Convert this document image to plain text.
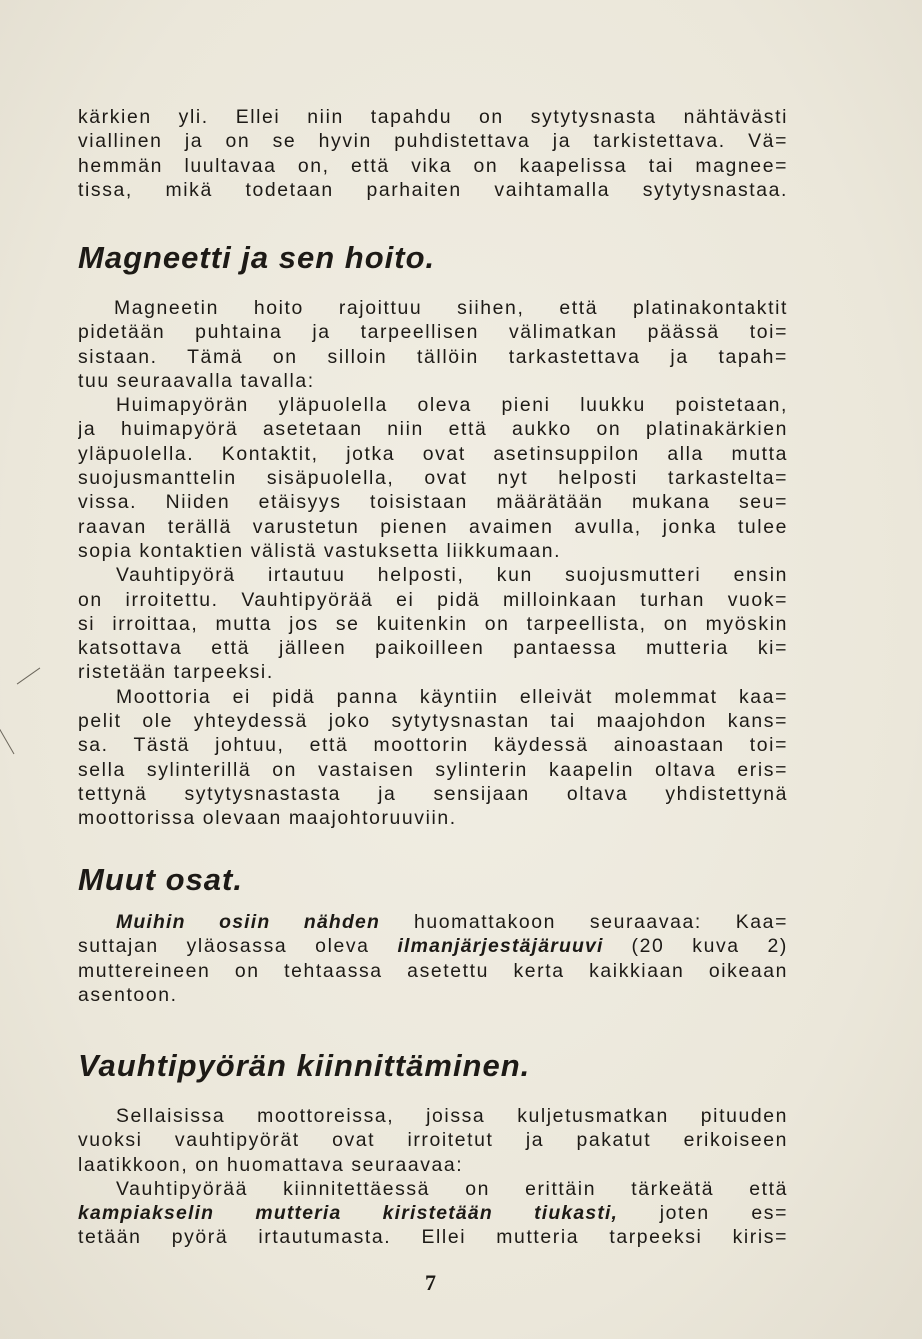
kärkien yli. Ellei niin tapahdu on sytytysnasta nähtävästi
viallinen ja on se hyvin puhdistettava ja tarkistettava. Vä=
hemmän luultavaa on, että vika on kaapelissa tai magnee=
tissa, mikä todetaan parhaiten vaihtamalla sytytysnastaa.
Magneetti ja sen hoito.
Magneetin hoito rajoittuu siihen, että platinakontaktit
pidetään puhtaina ja tarpeellisen välimatkan päässä toi=
sistaan. Tämä on silloin tällöin tarkastettava ja tapah=
tuu seuraavalla tavalla:
Huimapyörän yläpuolella oleva pieni luukku poistetaan,
ja huimapyörä asetetaan niin että aukko on platinakärkien
yläpuolella. Kontaktit, jotka ovat asetinsuppilon alla mutta
suojusmanttelin sisäpuolella, ovat nyt helposti tarkastelta=
vissa. Niiden etäisyys toisistaan määrätään mukana seu=
raavan terällä varustetun pienen avaimen avulla, jonka tulee
sopia kontaktien välistä vastuksetta liikkumaan.
Vauhtipyörä irtautuu helposti, kun suojusmutteri ensin
on irroitettu. Vauhtipyörää ei pidä milloinkaan turhan vuok=
si irroittaa, mutta jos se kuitenkin on tarpeellista, on myöskin
katsottava että jälleen paikoilleen pantaessa mutteria ki=
ristetään tarpeeksi.
Moottoria ei pidä panna käyntiin elleivät molemmat kaa=
pelit ole yhteydessä joko sytytysnastan tai maajohdon kans=
sa. Tästä johtuu, että moottorin käydessä ainoastaan toi=
sella sylinterillä on vastaisen sylinterin kaapelin oltava eris=
tettynä sytytysnastasta ja sensijaan oltava yhdistettynä
moottorissa olevaan maajohtoruuviin.
Muut osat.
Muihin osiin nähden huomattakoon seuraavaa: Kaa=
suttajan yläosassa oleva ilmanjärjestäjäruuvi (20 kuva 2)
muttereineen on tehtaassa asetettu kerta kaikkiaan oikeaan
asentoon.
Vauhtipyörän kiinnittäminen.
Sellaisissa moottoreissa, joissa kuljetusmatkan pituuden
vuoksi vauhtipyörät ovat irroitetut ja pakatut erikoiseen
laatikkoon, on huomattava seuraavaa:
Vauhtipyörää kiinnitettäessä on erittäin tärkeätä että
kampiakselin mutteria kiristetään tiukasti, joten es=
tetään pyörä irtautumasta. Ellei mutteria tarpeeksi kiris=
7
